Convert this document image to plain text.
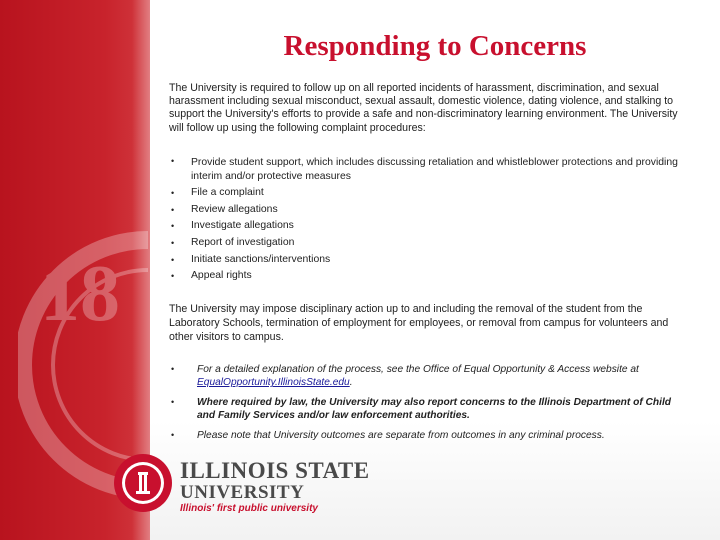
18
Responding to Concerns

The University is required to follow up on all reported incidents of harassment, discrimination, and sexual harassment including sexual misconduct, sexual assault, domestic violence, dating violence, and stalking to support the University's efforts to provide a safe and non-discriminatory learning environment. The University will follow up using the following complaint procedures:

• Provide student support, which includes discussing retaliation and whistleblower protections and providing interim and/or protective measures
• File a complaint
• Review allegations
• Investigate allegations
• Report of investigation
• Initiate sanctions/interventions
• Appeal rights

The University may impose disciplinary action up to and including the removal of the student from the Laboratory Schools, termination of employment for employees, or removal from campus for volunteers and other visitors to campus.

• For a detailed explanation of the process, see the Office of Equal Opportunity & Access website at EqualOpportunity.IllinoisState.edu.
• Where required by law, the University may also report concerns to the Illinois Department of Child and Family Services and/or law enforcement authorities.
• Please note that University outcomes are separate from outcomes in any criminal process.
ILLINOIS STATE
UNIVERSITY
Illinois' first public university
